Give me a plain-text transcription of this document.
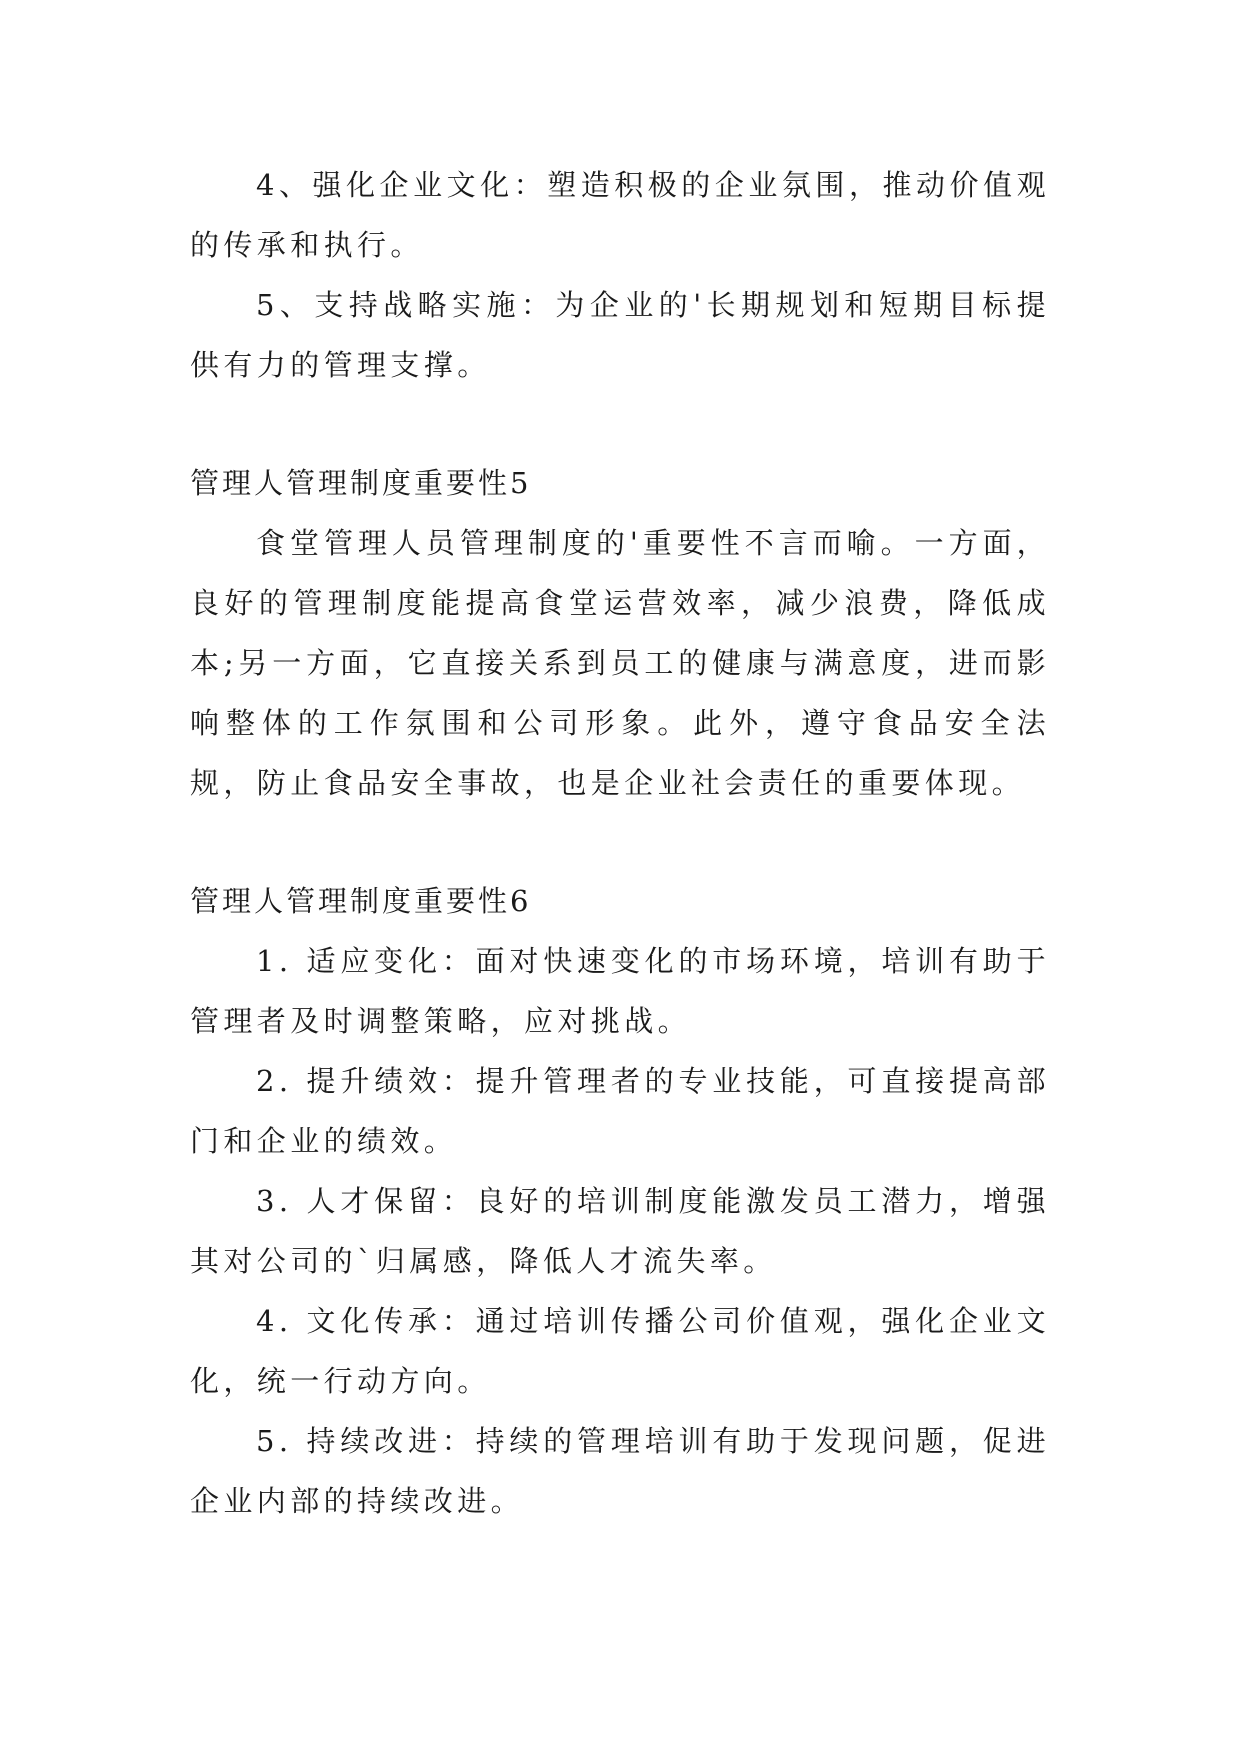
4、强化企业文化：塑造积极的企业氛围，推动价值观的传承和执行。

5、支持战略实施：为企业的'长期规划和短期目标提供有力的管理支撑。

管理人管理制度重要性5

食堂管理人员管理制度的'重要性不言而喻。一方面，良好的管理制度能提高食堂运营效率，减少浪费，降低成本;另一方面，它直接关系到员工的健康与满意度，进而影响整体的工作氛围和公司形象。此外，遵守食品安全法规，防止食品安全事故，也是企业社会责任的重要体现。

管理人管理制度重要性6

1. 适应变化：面对快速变化的市场环境，培训有助于管理者及时调整策略，应对挑战。

2. 提升绩效：提升管理者的专业技能，可直接提高部门和企业的绩效。

3. 人才保留：良好的培训制度能激发员工潜力，增强其对公司的`归属感，降低人才流失率。

4. 文化传承：通过培训传播公司价值观，强化企业文化，统一行动方向。

5. 持续改进：持续的管理培训有助于发现问题，促进企业内部的持续改进。
